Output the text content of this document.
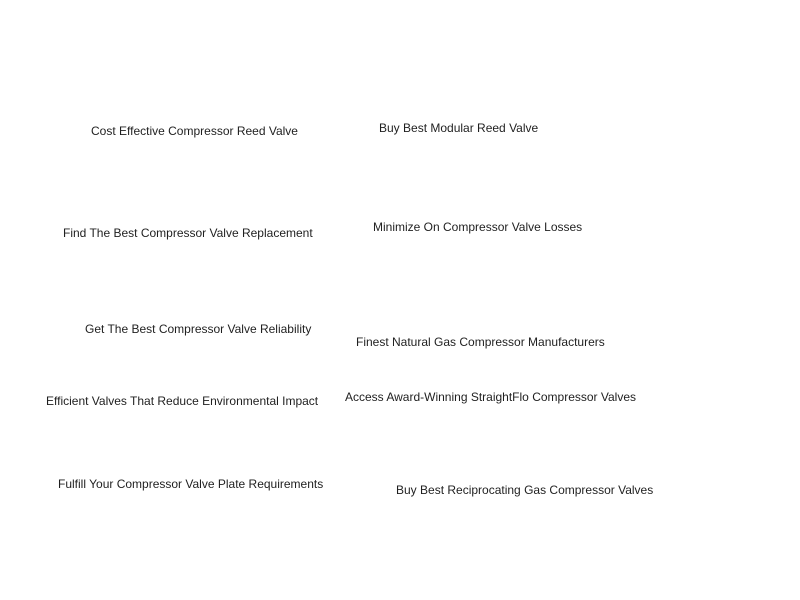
Cost Effective Compressor Reed Valve
Find The Best Compressor Valve Replacement
Get The Best Compressor Valve Reliability
Efficient Valves That Reduce Environmental Impact
Fulfill Your Compressor Valve Plate Requirements
Buy Best Modular Reed Valve
Minimize On Compressor Valve Losses
Finest Natural Gas Compressor Manufacturers
Access Award-Winning StraightFlo Compressor Valves
Buy Best Reciprocating Gas Compressor Valves
